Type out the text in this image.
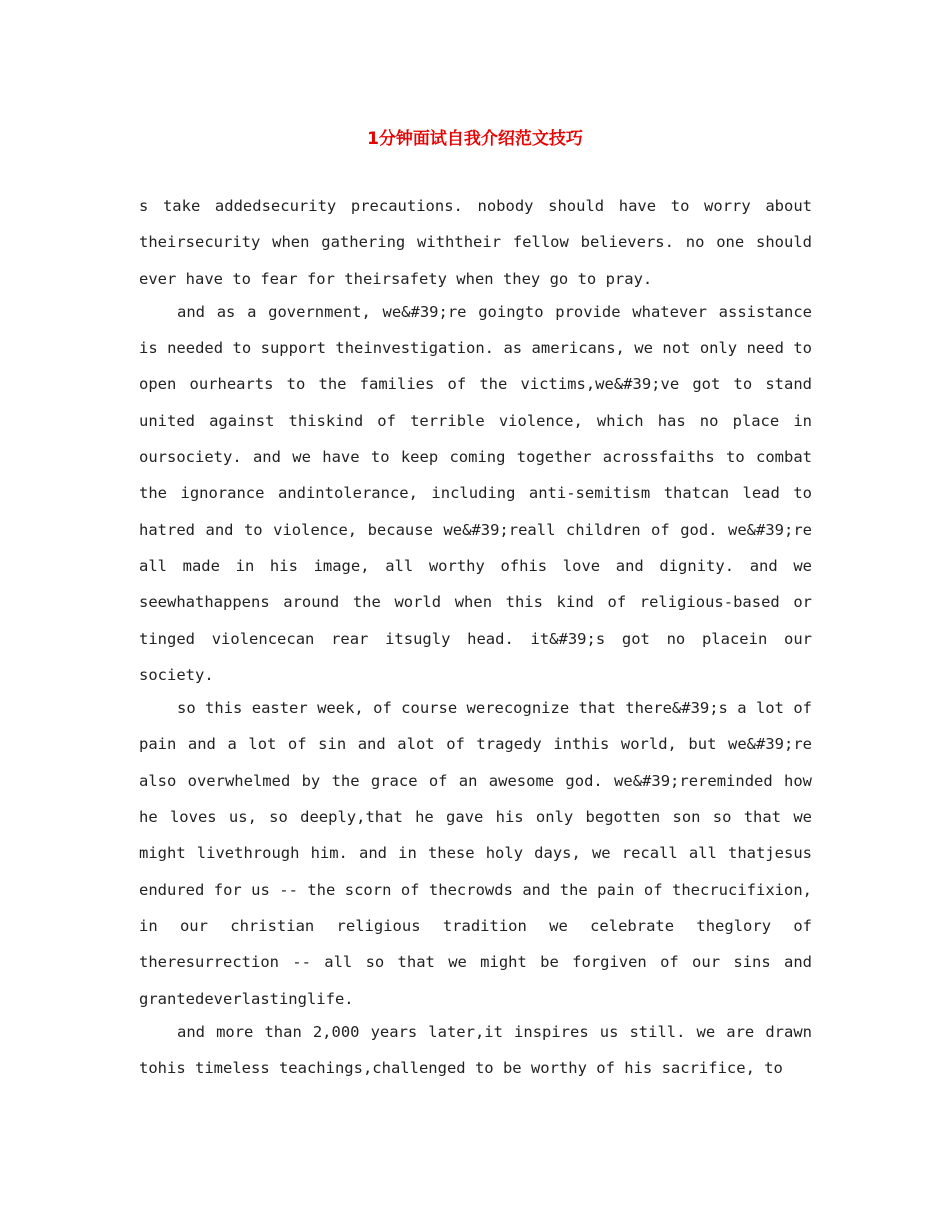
1分钟面试自我介绍范文技巧

s take addedsecurity precautions. nobody should have to worry about theirsecurity when gathering withtheir fellow believers. no one should ever have to fear for theirsafety when they go to pray.

and as a government, we&#39;re goingto provide whatever assistance is needed to support theinvestigation. as americans, we not only need to open ourhearts to the families of the victims,we&#39;ve got to stand united against thiskind of terrible violence, which has no place in oursociety. and we have to keep coming together acrossfaiths to combat the ignorance andintolerance, including anti-semitism thatcan lead to hatred and to violence, because we&#39;reall children of god. we&#39;re all made in his image, all worthy ofhis love and dignity. and we seewhathappens around the world when this kind of religious-based or tinged violencecan rear itsugly head. it&#39;s got no placein our society.

so this easter week, of course werecognize that there&#39;s a lot of pain and a lot of sin and alot of tragedy inthis world, but we&#39;re also overwhelmed by the grace of an awesome god. we&#39;rereminded how he loves us, so deeply,that he gave his only begotten son so that we might livethrough him. and in these holy days, we recall all thatjesus endured for us -- the scorn of thecrowds and the pain of thecrucifixion, in our christian religious tradition we celebrate theglory of theresurrection -- all so that we might be forgiven of our sins and grantedeverlastinglife.

and more than 2,000 years later,it inspires us still. we are drawn tohis timeless teachings,challenged to be worthy of his sacrifice, to
